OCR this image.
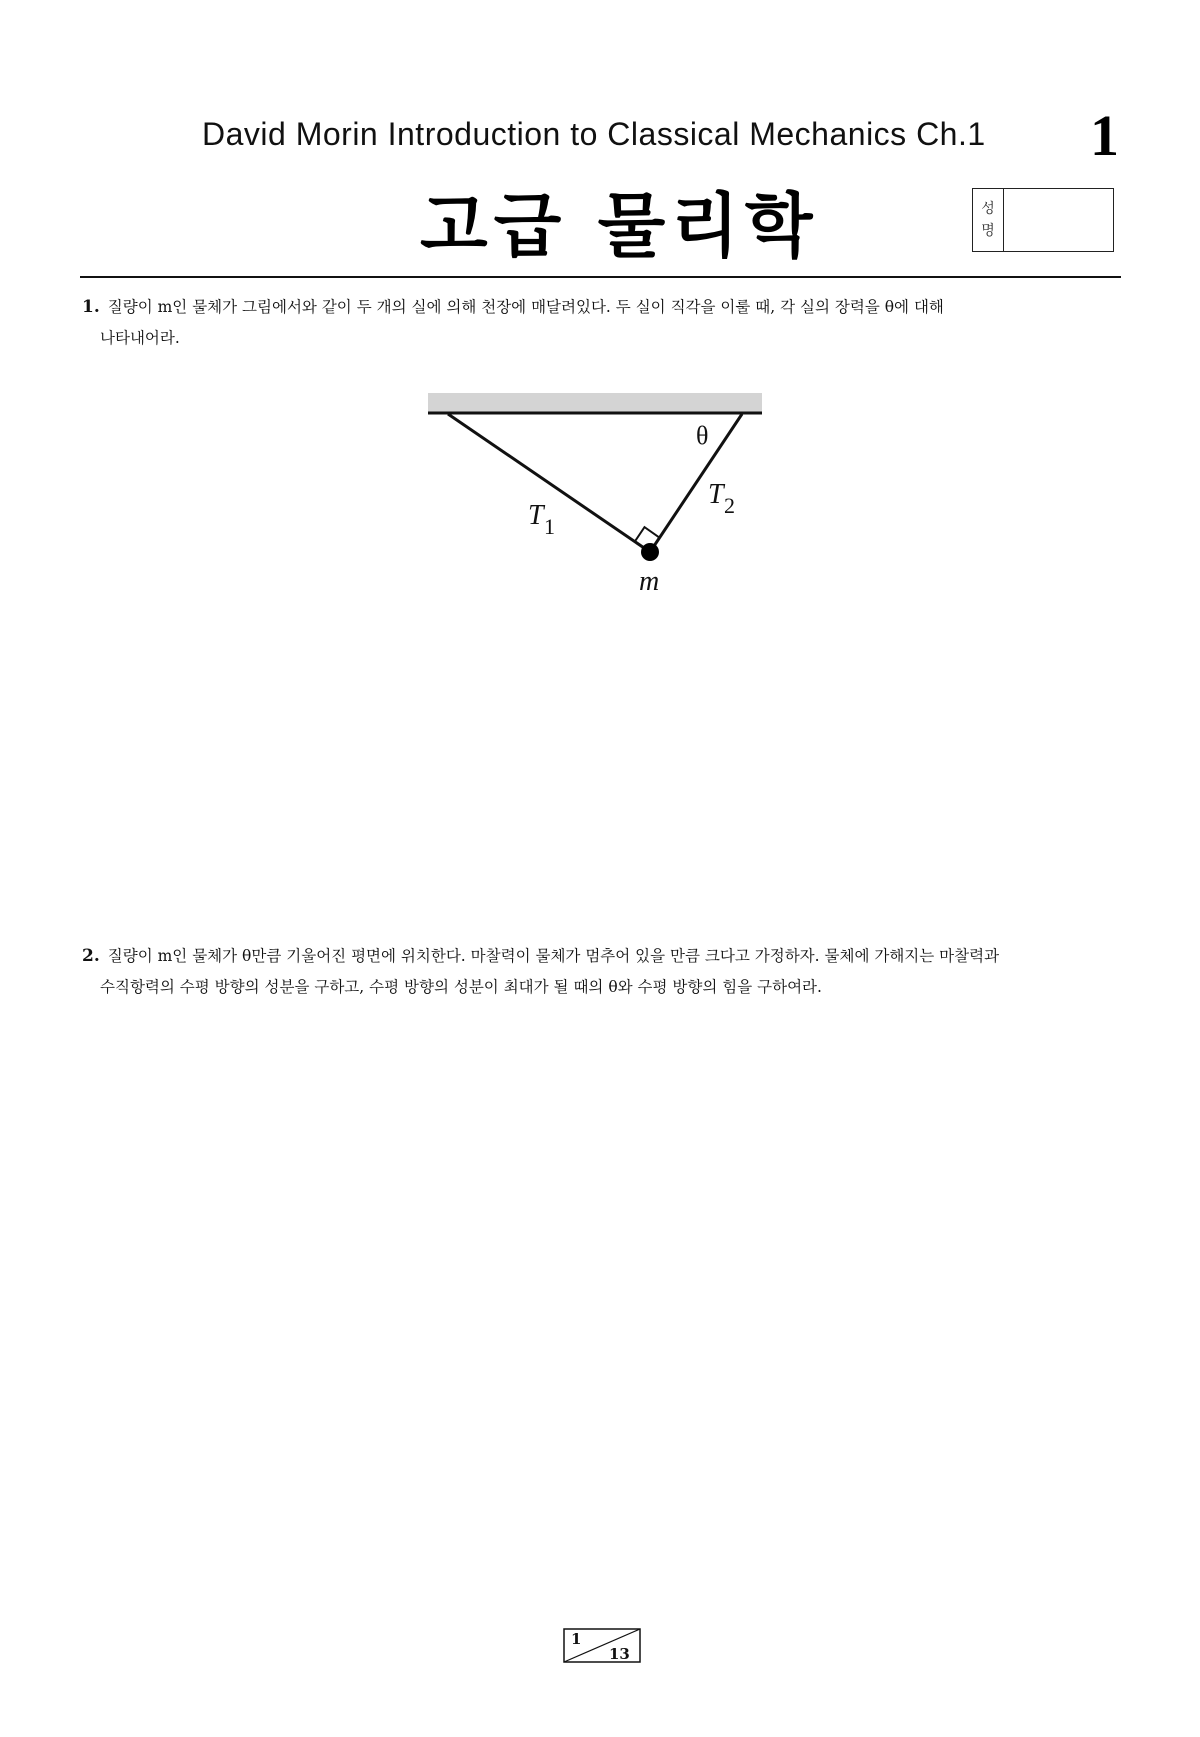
David Morin Introduction to Classical Mechanics Ch.1 1
고급 물리학	성
명
1. 질량이 m인 물체가 그림에서와 같이 두 개의 실에 의해 천장에 매달려있다. 두 실이 직각을 이룰 때, 각 실의 장력을 θ에 대해
나타내어라.
θ
T 1
T 2
m
2. 질량이 m인 물체가 θ만큼 기울어진 평면에 위치한다. 마찰력이 물체가 멈추어 있을 만큼 크다고 가정하자. 물체에 가해지는 마찰력과
수직항력의 수평 방향의 성분을 구하고, 수평 방향의 성분이 최대가 될 때의 θ와 수평 방향의 힘을 구하여라.
1
13
